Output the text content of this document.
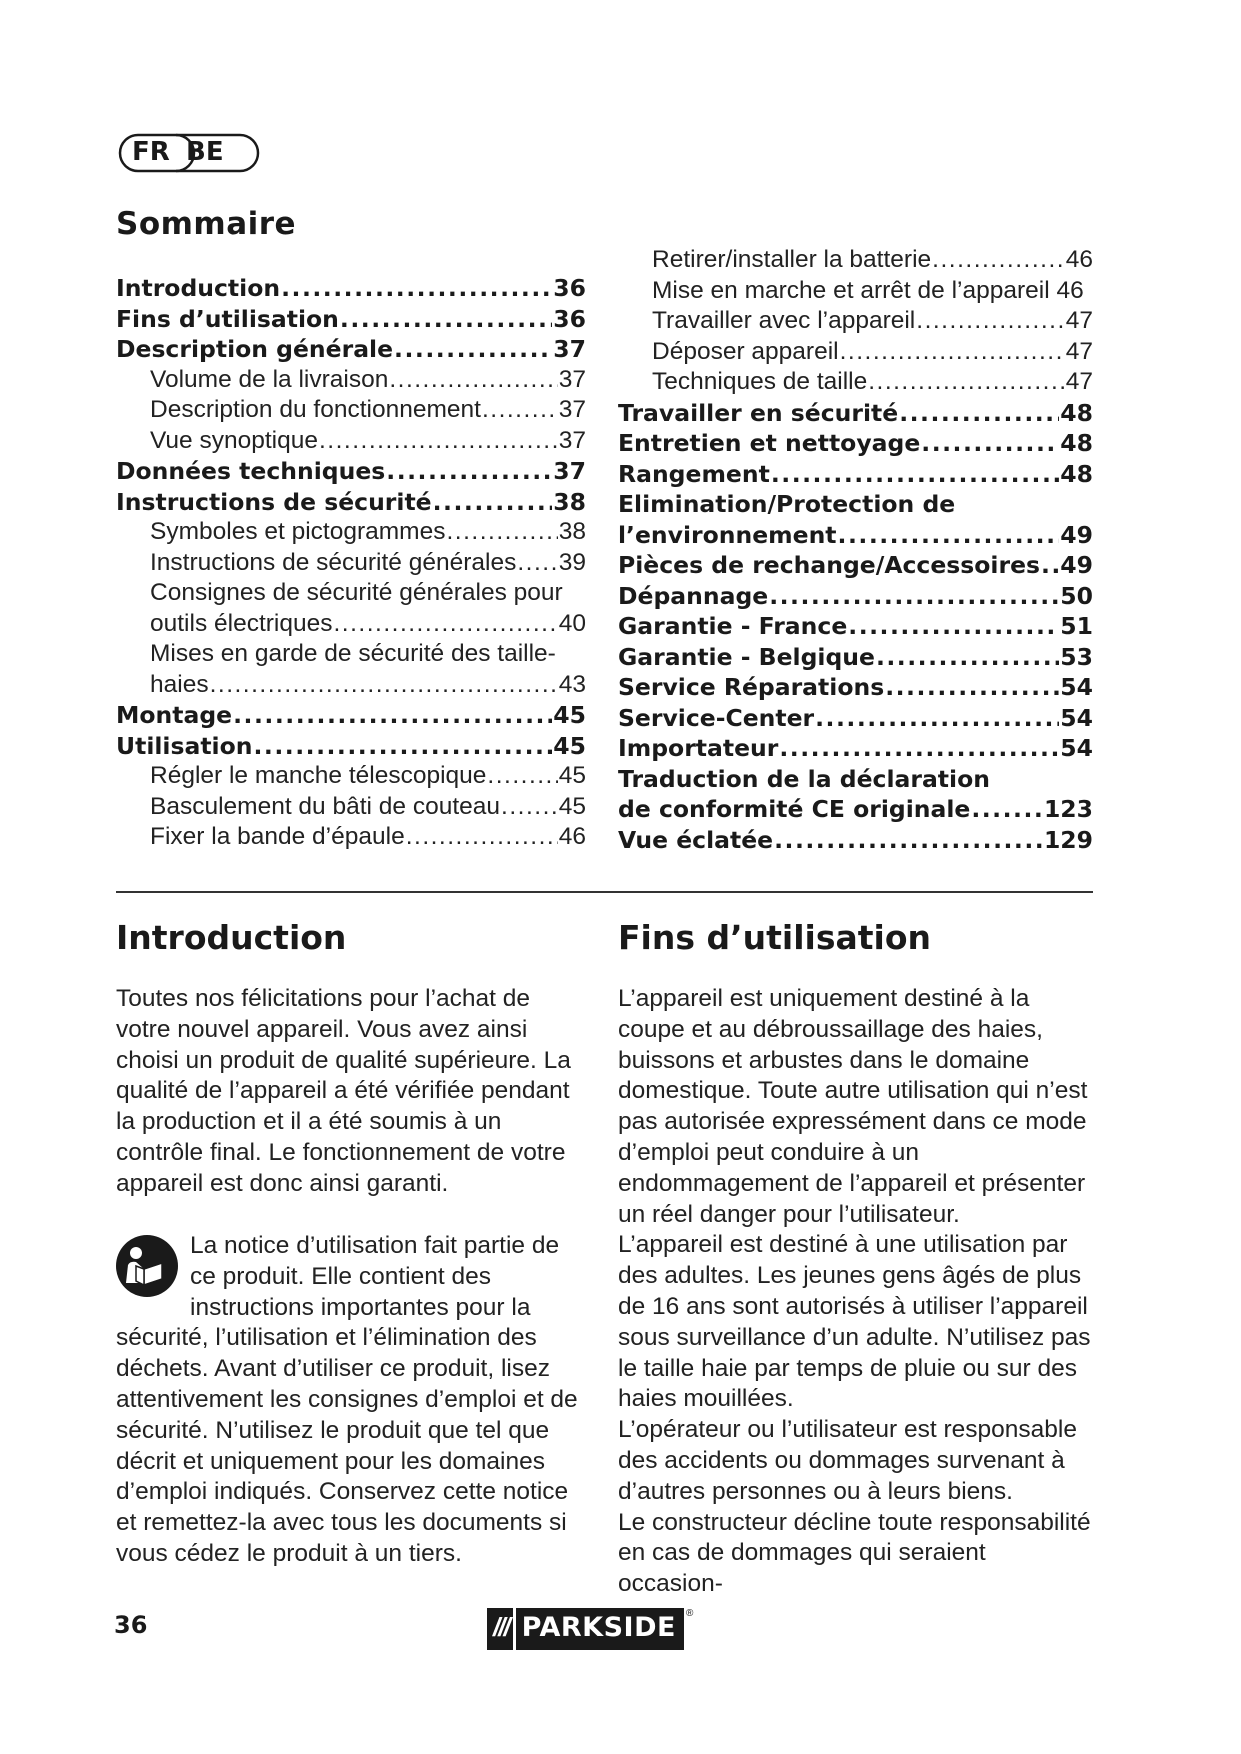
FR BE
Sommaire
Introduction .....	36
Fins d’utilisation .....	36
Description générale .....	37
Volume de la livraison .....	37
Description du fonctionnement .....	37
Vue synoptique .....	37
Données techniques .....	37
Instructions de sécurité .....	38
Symboles et pictogrammes .....	38
Instructions de sécurité générales ..... 39
Consignes de sécurité générales pour
outils électriques .....	40
Mises en garde de sécurité des taille-
haies .....	43
Montage .....	45
Utilisation .....	45
Régler le manche télescopique .....	45
Basculement du bâti de couteau ..... 45
Fixer la bande d’épaule .....	46
Retirer/installer la batterie .....	46
Mise en marche et arrêt de l’appareil 46
Travailler avec l’appareil .....	47
Déposer appareil .....	47
Techniques de taille .....	47
Travailler en sécurité .....	48
Entretien et nettoyage .....	48
Rangement .....	48
Elimination/Protection de
l’environnement .....	49
Pièces de rechange/Accessoires ..... 49
Dépannage .....	50
Garantie - France .....	51
Garantie - Belgique .....	53
Service Réparations .....	54
Service-Center .....	54
Importateur .....	54
Traduction de la déclaration
de conformité CE originale .....	123
Vue éclatée .....	129
Introduction

Toutes nos félicitations pour l’achat de votre nouvel appareil. Vous avez ainsi choisi un produit de qualité supérieure. La qualité de l’appareil a été vérifiée pendant la production et il a été soumis à un contrôle final. Le fonctionnement de votre appareil est donc ainsi garanti.

La notice d’utilisation fait partie de ce produit. Elle contient des instructions importantes pour la sécurité, l’utilisation et l’élimination des déchets. Avant d’utiliser ce produit, lisez attentivement les consignes d’emploi et de sécurité. N’utilisez le produit que tel que décrit et uniquement pour les domaines d’emploi indiqués. Conservez cette notice et remettez-la avec tous les documents si vous cédez le produit à un tiers.
Fins d’utilisation
L’appareil est uniquement destiné à la coupe et au débroussaillage des haies, buissons et arbustes dans le domaine domestique. Toute autre utilisation qui n’est pas autorisée expressément dans ce mode d’emploi peut conduire à un endommagement de l’appareil et présenter un réel danger pour l’utilisateur.
L’appareil est destiné à une utilisation par des adultes. Les jeunes gens âgés de plus de 16 ans sont autorisés à utiliser l’appareil sous surveillance d’un adulte. N’utilisez pas le taille haie par temps de pluie ou sur des haies mouillées.
L’opérateur ou l’utilisateur est responsable des accidents ou dommages survenant à d’autres personnes ou à leurs biens.
Le constructeur décline toute responsabilité en cas de dommages qui seraient occasion-
36	/// PARKSIDE	®
